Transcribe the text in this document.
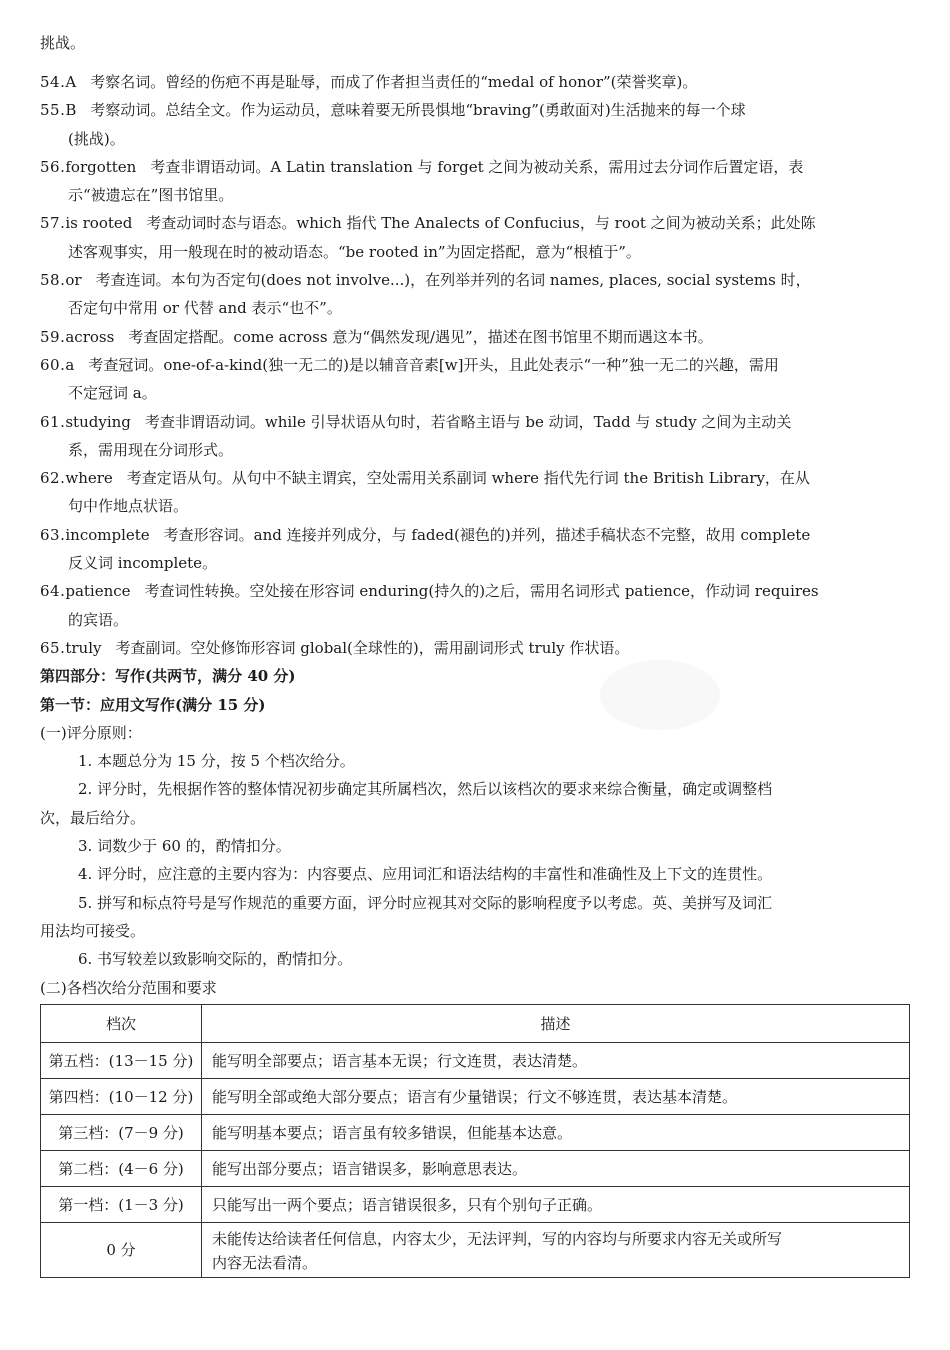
挑战。
54.A 考察名词。曾经的伤疤不再是耻辱，而成了作者担当责任的“medal of honor”(荣誉奖章)。
55.B 考察动词。总结全文。作为运动员，意味着要无所畏惧地“braving”(勇敢面对)生活抛来的每一个球
(挑战)。
56.forgotten 考查非谓语动词。A Latin translation 与 forget 之间为被动关系，需用过去分词作后置定语，表
示“被遗忘在”图书馆里。
57.is rooted 考查动词时态与语态。which 指代 The Analects of Confucius，与 root 之间为被动关系；此处陈
述客观事实，用一般现在时的被动语态。“be rooted in”为固定搭配，意为“根植于”。
58.or 考查连词。本句为否定句(does not involve...)，在列举并列的名词 names, places, social systems 时，
否定句中常用 or 代替 and 表示“也不”。
59.across 考查固定搭配。come across 意为“偶然发现/遇见”，描述在图书馆里不期而遇这本书。
60.a 考查冠词。one-of-a-kind(独一无二的)是以辅音音素[w]开头，且此处表示“一种”独一无二的兴趣，需用
不定冠词 a。
61.studying 考查非谓语动词。while 引导状语从句时，若省略主语与 be 动词，Tadd 与 study 之间为主动关
系，需用现在分词形式。
62.where 考查定语从句。从句中不缺主谓宾，空处需用关系副词 where 指代先行词 the British Library，在从
句中作地点状语。
63.incomplete 考查形容词。and 连接并列成分，与 faded(褪色的)并列，描述手稿状态不完整，故用 complete
反义词 incomplete。
64.patience 考查词性转换。空处接在形容词 enduring(持久的)之后，需用名词形式 patience，作动词 requires
的宾语。
65.truly 考查副词。空处修饰形容词 global(全球性的)，需用副词形式 truly 作状语。
第四部分：写作(共两节，满分 40 分)
第一节：应用文写作(满分 15 分)
(一)评分原则：
1. 本题总分为 15 分，按 5 个档次给分。
2. 评分时，先根据作答的整体情况初步确定其所属档次，然后以该档次的要求来综合衡量，确定或调整档
次，最后给分。
3. 词数少于 60 的，酌情扣分。
4. 评分时，应注意的主要内容为：内容要点、应用词汇和语法结构的丰富性和准确性及上下文的连贯性。
5. 拼写和标点符号是写作规范的重要方面，评分时应视其对交际的影响程度予以考虑。英、美拼写及词汇
用法均可接受。
6. 书写较差以致影响交际的，酌情扣分。
(二)各档次给分范围和要求
档次	描述
第五档：(13－15 分)	能写明全部要点；语言基本无误；行文连贯，表达清楚。
第四档：(10－12 分)	能写明全部或绝大部分要点；语言有少量错误；行文不够连贯，表达基本清楚。
第三档：(7－9 分)	能写明基本要点；语言虽有较多错误，但能基本达意。
第二档：(4－6 分)	能写出部分要点；语言错误多，影响意思表达。
第一档：(1－3 分)	只能写出一两个要点；语言错误很多，只有个别句子正确。
0 分	未能传达给读者任何信息，内容太少，无法评判，写的内容均与所要求内容无关或所写
内容无法看清。
